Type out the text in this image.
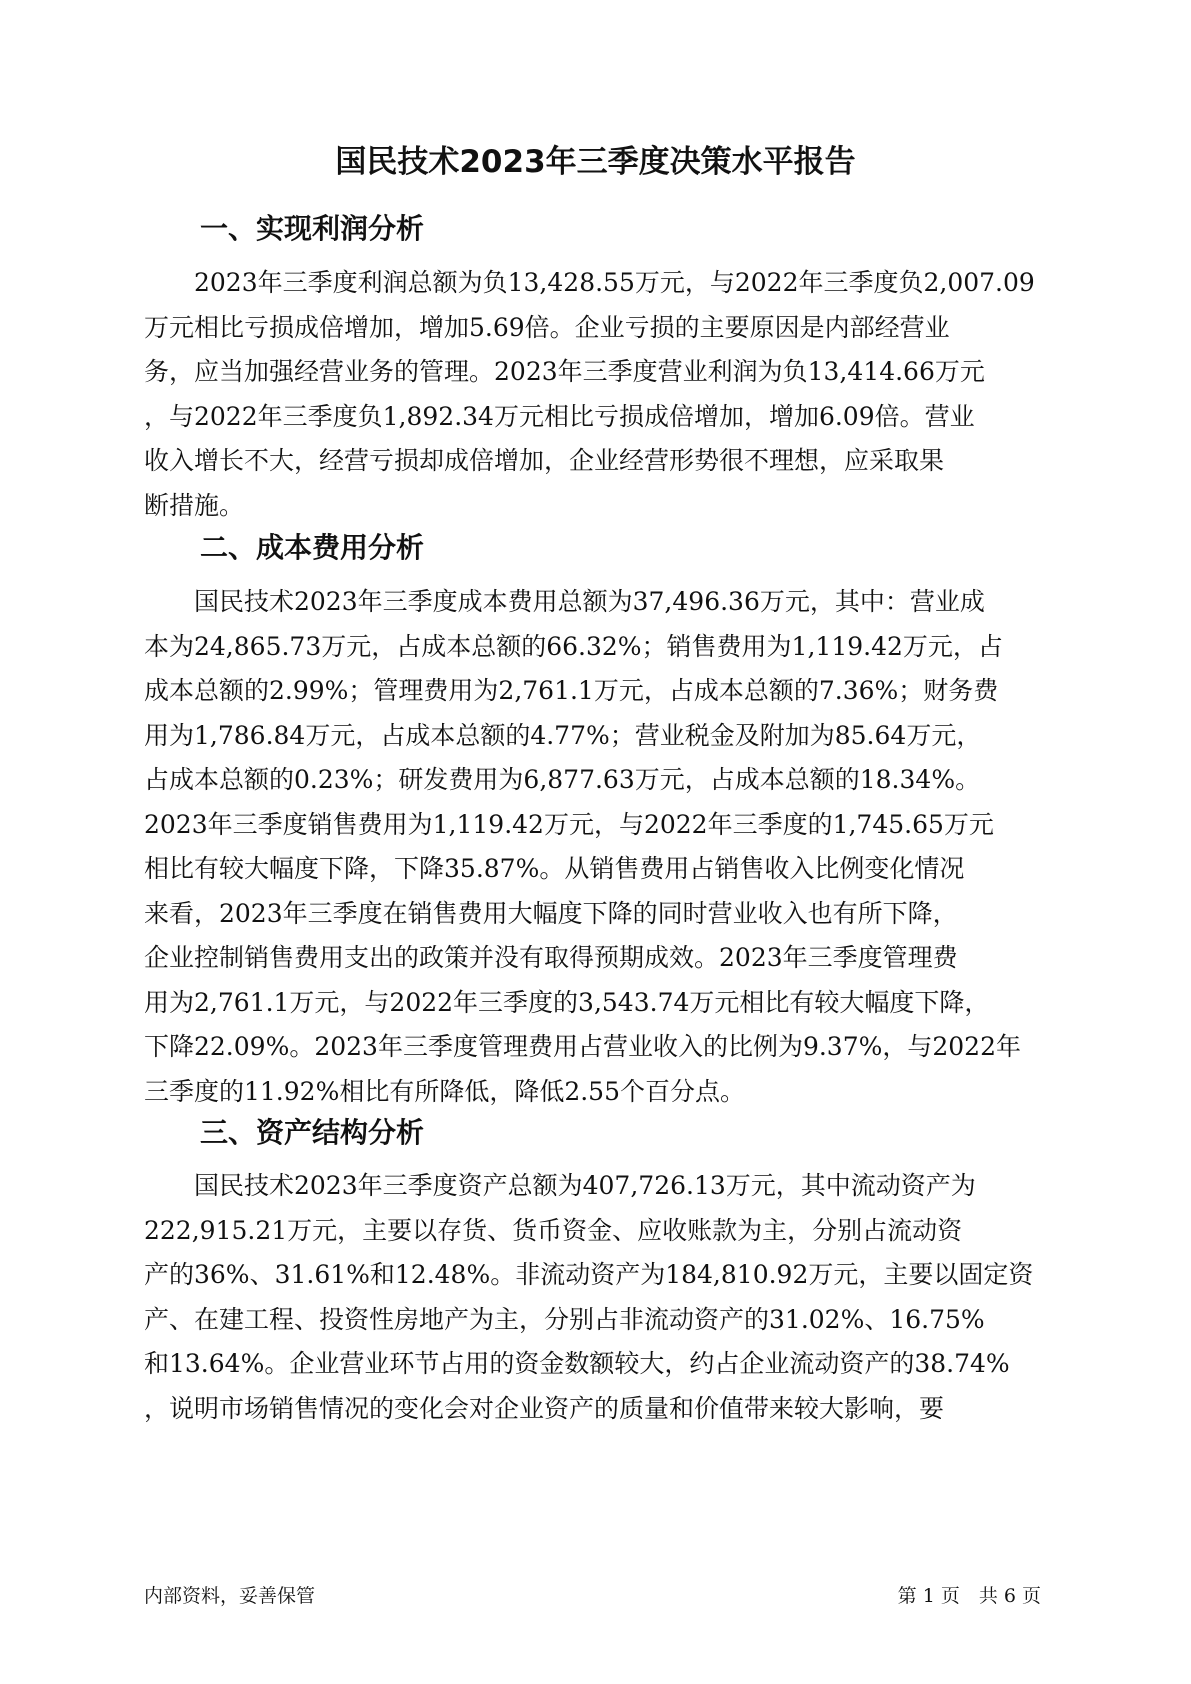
国民技术2023年三季度决策水平报告
一、实现利润分析
　　2023年三季度利润总额为负13,428.55万元，与2022年三季度负2,007.09
万元相比亏损成倍增加，增加5.69倍。企业亏损的主要原因是内部经营业
务，应当加强经营业务的管理。2023年三季度营业利润为负13,414.66万元
，与2022年三季度负1,892.34万元相比亏损成倍增加，增加6.09倍。营业
收入增长不大，经营亏损却成倍增加，企业经营形势很不理想，应采取果
断措施。
二、成本费用分析
　　国民技术2023年三季度成本费用总额为37,496.36万元，其中：营业成
本为24,865.73万元，占成本总额的66.32%；销售费用为1,119.42万元，占
成本总额的2.99%；管理费用为2,761.1万元，占成本总额的7.36%；财务费
用为1,786.84万元，占成本总额的4.77%；营业税金及附加为85.64万元，
占成本总额的0.23%；研发费用为6,877.63万元，占成本总额的18.34%。
2023年三季度销售费用为1,119.42万元，与2022年三季度的1,745.65万元
相比有较大幅度下降，下降35.87%。从销售费用占销售收入比例变化情况
来看，2023年三季度在销售费用大幅度下降的同时营业收入也有所下降，
企业控制销售费用支出的政策并没有取得预期成效。2023年三季度管理费
用为2,761.1万元，与2022年三季度的3,543.74万元相比有较大幅度下降，
下降22.09%。2023年三季度管理费用占营业收入的比例为9.37%，与2022年
三季度的11.92%相比有所降低，降低2.55个百分点。
三、资产结构分析
　　国民技术2023年三季度资产总额为407,726.13万元，其中流动资产为
222,915.21万元，主要以存货、货币资金、应收账款为主，分别占流动资
产的36%、31.61%和12.48%。非流动资产为184,810.92万元，主要以固定资
产、在建工程、投资性房地产为主，分别占非流动资产的31.02%、16.75%
和13.64%。企业营业环节占用的资金数额较大，约占企业流动资产的38.74%
，说明市场销售情况的变化会对企业资产的质量和价值带来较大影响，要
内部资料，妥善保管	第 1 页　共 6 页
